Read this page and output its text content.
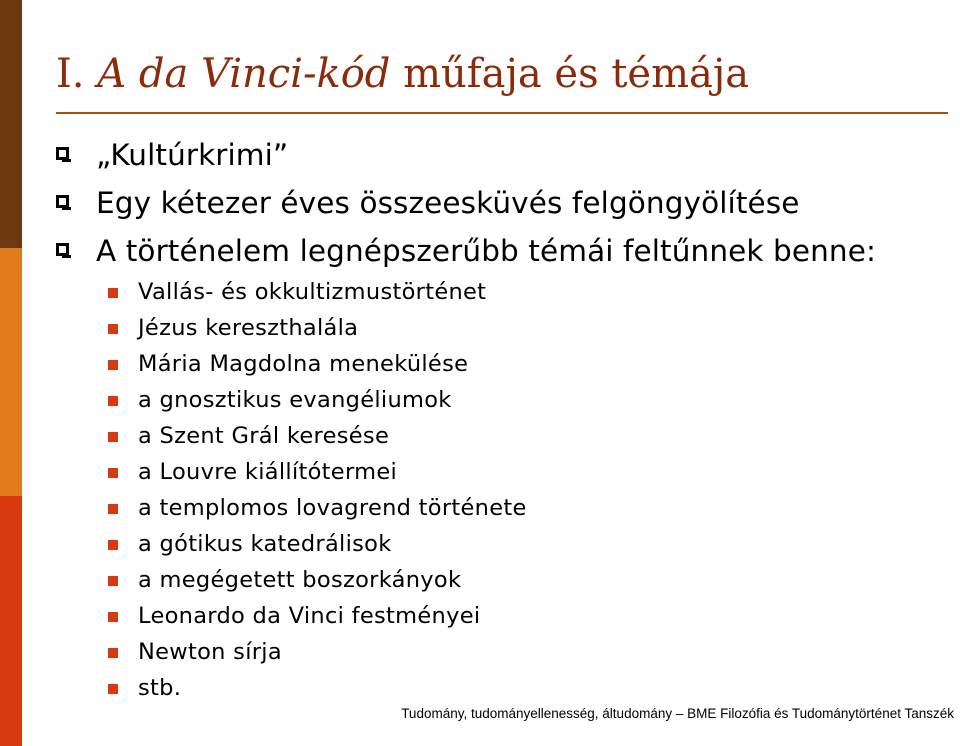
I. A da Vinci-kód műfaja és témája
„Kultúrkrimi”
Egy kétezer éves összeesküvés felgöngyölítése
A történelem legnépszerűbb témái feltűnnek benne:
Vallás- és okkultizmustörténet
Jézus kereszthalála
Mária Magdolna menekülése
a gnosztikus evangéliumok
a Szent Grál keresése
a Louvre kiállítótermei
a templomos lovagrend története
a gótikus katedrálisok
a megégetett boszorkányok
Leonardo da Vinci festményei
Newton sírja
stb.
Tudomány, tudományellenesség, áltudomány – BME Filozófia és Tudománytörténet Tanszék
